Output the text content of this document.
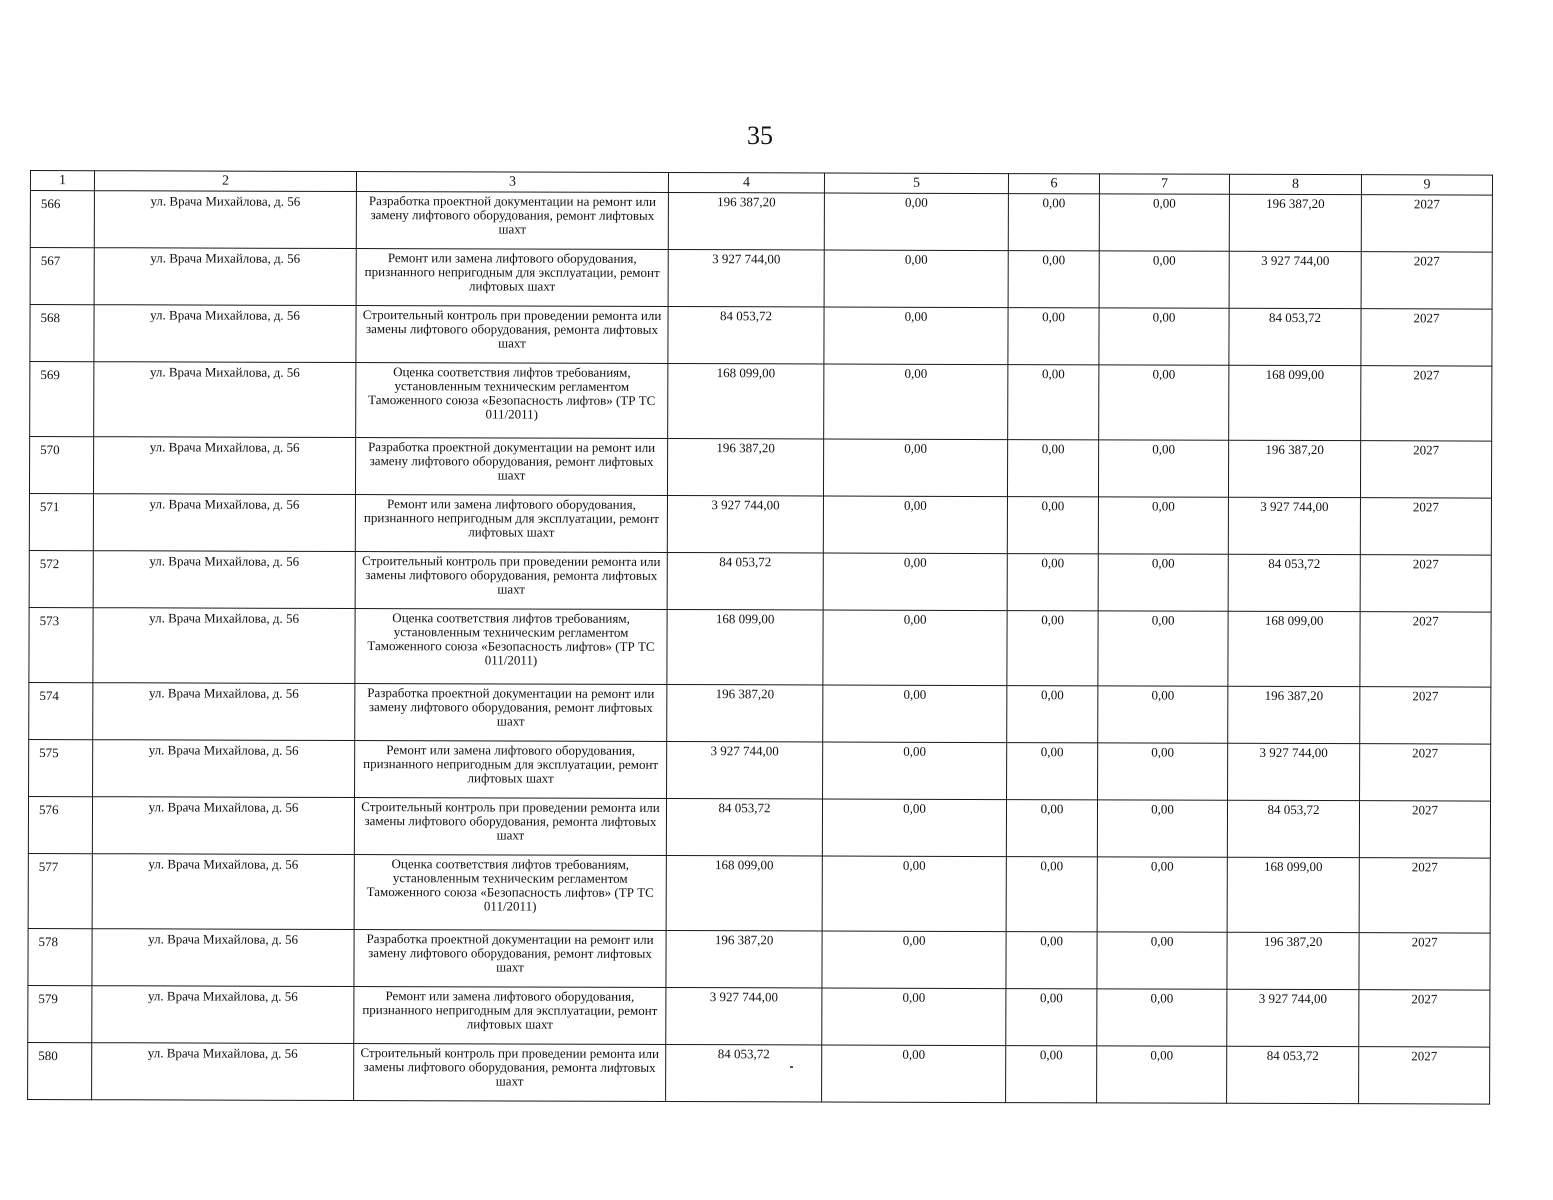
35
1	2	3	4	5	6	7	8	9
566	ул. Врача Михайлова, д. 56	Разработка проектной документации на ремонт или замену лифтового оборудования, ремонт лифтовых шахт	196 387,20	0,00	0,00	0,00	196 387,20	2027
567	ул. Врача Михайлова, д. 56	Ремонт или замена лифтового оборудования, признанного непригодным для эксплуатации, ремонт лифтовых шахт	3 927 744,00	0,00	0,00	0,00	3 927 744,00	2027
568	ул. Врача Михайлова, д. 56	Строительный контроль при проведении ремонта или замены лифтового оборудования, ремонта лифтовых шахт	84 053,72	0,00	0,00	0,00	84 053,72	2027
569	ул. Врача Михайлова, д. 56	Оценка соответствия лифтов требованиям, установленным техническим регламентом Таможенного союза «Безопасность лифтов» (ТР ТС 011/2011)	168 099,00	0,00	0,00	0,00	168 099,00	2027
570	ул. Врача Михайлова, д. 56	Разработка проектной документации на ремонт или замену лифтового оборудования, ремонт лифтовых шахт	196 387,20	0,00	0,00	0,00	196 387,20	2027
571	ул. Врача Михайлова, д. 56	Ремонт или замена лифтового оборудования, признанного непригодным для эксплуатации, ремонт лифтовых шахт	3 927 744,00	0,00	0,00	0,00	3 927 744,00	2027
572	ул. Врача Михайлова, д. 56	Строительный контроль при проведении ремонта или замены лифтового оборудования, ремонта лифтовых шахт	84 053,72	0,00	0,00	0,00	84 053,72	2027
573	ул. Врача Михайлова, д. 56	Оценка соответствия лифтов требованиям, установленным техническим регламентом Таможенного союза «Безопасность лифтов» (ТР ТС 011/2011)	168 099,00	0,00	0,00	0,00	168 099,00	2027
574	ул. Врача Михайлова, д. 56	Разработка проектной документации на ремонт или замену лифтового оборудования, ремонт лифтовых шахт	196 387,20	0,00	0,00	0,00	196 387,20	2027
575	ул. Врача Михайлова, д. 56	Ремонт или замена лифтового оборудования, признанного непригодным для эксплуатации, ремонт лифтовых шахт	3 927 744,00	0,00	0,00	0,00	3 927 744,00	2027
576	ул. Врача Михайлова, д. 56	Строительный контроль при проведении ремонта или замены лифтового оборудования, ремонта лифтовых шахт	84 053,72	0,00	0,00	0,00	84 053,72	2027
577	ул. Врача Михайлова, д. 56	Оценка соответствия лифтов требованиям, установленным техническим регламентом Таможенного союза «Безопасность лифтов» (ТР ТС 011/2011)	168 099,00	0,00	0,00	0,00	168 099,00	2027
578	ул. Врача Михайлова, д. 56	Разработка проектной документации на ремонт или замену лифтового оборудования, ремонт лифтовых шахт	196 387,20	0,00	0,00	0,00	196 387,20	2027
579	ул. Врача Михайлова, д. 56	Ремонт или замена лифтового оборудования, признанного непригодным для эксплуатации, ремонт лифтовых шахт	3 927 744,00	0,00	0,00	0,00	3 927 744,00	2027
580	ул. Врача Михайлова, д. 56	Строительный контроль при проведении ремонта или замены лифтового оборудования, ремонта лифтовых шахт	84 053,72	0,00	0,00	0,00	84 053,72	2027
